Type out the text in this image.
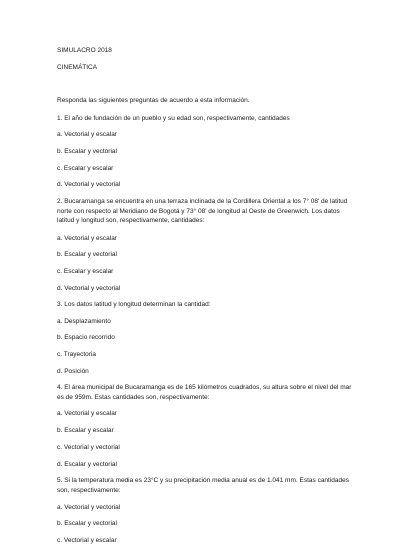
SIMULACRO 2018
CINEMÁTICA
Responda las siguientes preguntas de acuerdo a esta información.
1. El año de fundación de un pueblo y su edad son, respectivamente, cantidades
a. Vectorial y escalar
b. Escalar y vectorial
c. Escalar y escalar
d. Vectorial y vectorial
2. Bucaramanga se encuentra en una terraza inclinada de la Cordillera Oriental a los 7° 08' de latitud norte con respecto al Meridiano de Bogotá y 73° 08' de longitud al Oeste de Greenwich. Los datos latitud y longitud son, respectivamente, cantidades:
a. Vectorial y escalar
b. Escalar y vectorial
c. Escalar y escalar
d. Vectorial y vectorial
3. Los datos latitud y longitud determinan la cantidad:
a. Desplazamiento
b. Espacio recorrido
c. Trayectoria
d. Posición
4. El área municipal de Bucaramanga es de 165 kilómetros cuadrados, su altura sobre el nivel del mar es de 959m. Estas cantidades son, respectivamente:
a. Vectorial y escalar
b. Escalar y escalar
c. Vectorial y vectorial
d. Escalar y vectorial
5. Si la temperatura media es 23°C y su precipitación media anual es de 1.041 mm. Estas cantidades son, respectivamente:
a. Vectorial y vectorial
b. Escalar y vectorial
c. Vectorial y escalar
